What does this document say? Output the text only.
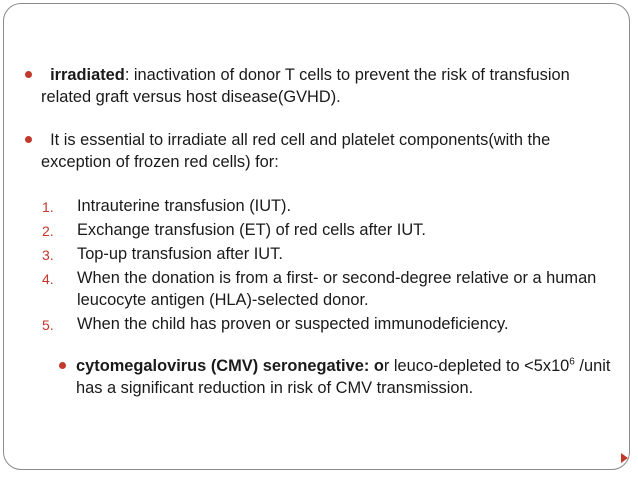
irradiated: inactivation of donor T cells to prevent the risk of transfusion related graft versus host disease(GVHD).
It is essential to irradiate all red cell and platelet components(with the exception of frozen red cells) for:
1. Intrauterine transfusion (IUT).
2. Exchange transfusion (ET) of red cells after IUT.
3. Top-up transfusion after IUT.
4. When the donation is from a first- or second-degree relative or a human leucocyte antigen (HLA)-selected donor.
5. When the child has proven or suspected immunodeficiency.
cytomegalovirus (CMV) seronegative: or leuco-depleted to $<5x10^6$ /unit has a significant reduction in risk of CMV transmission.
